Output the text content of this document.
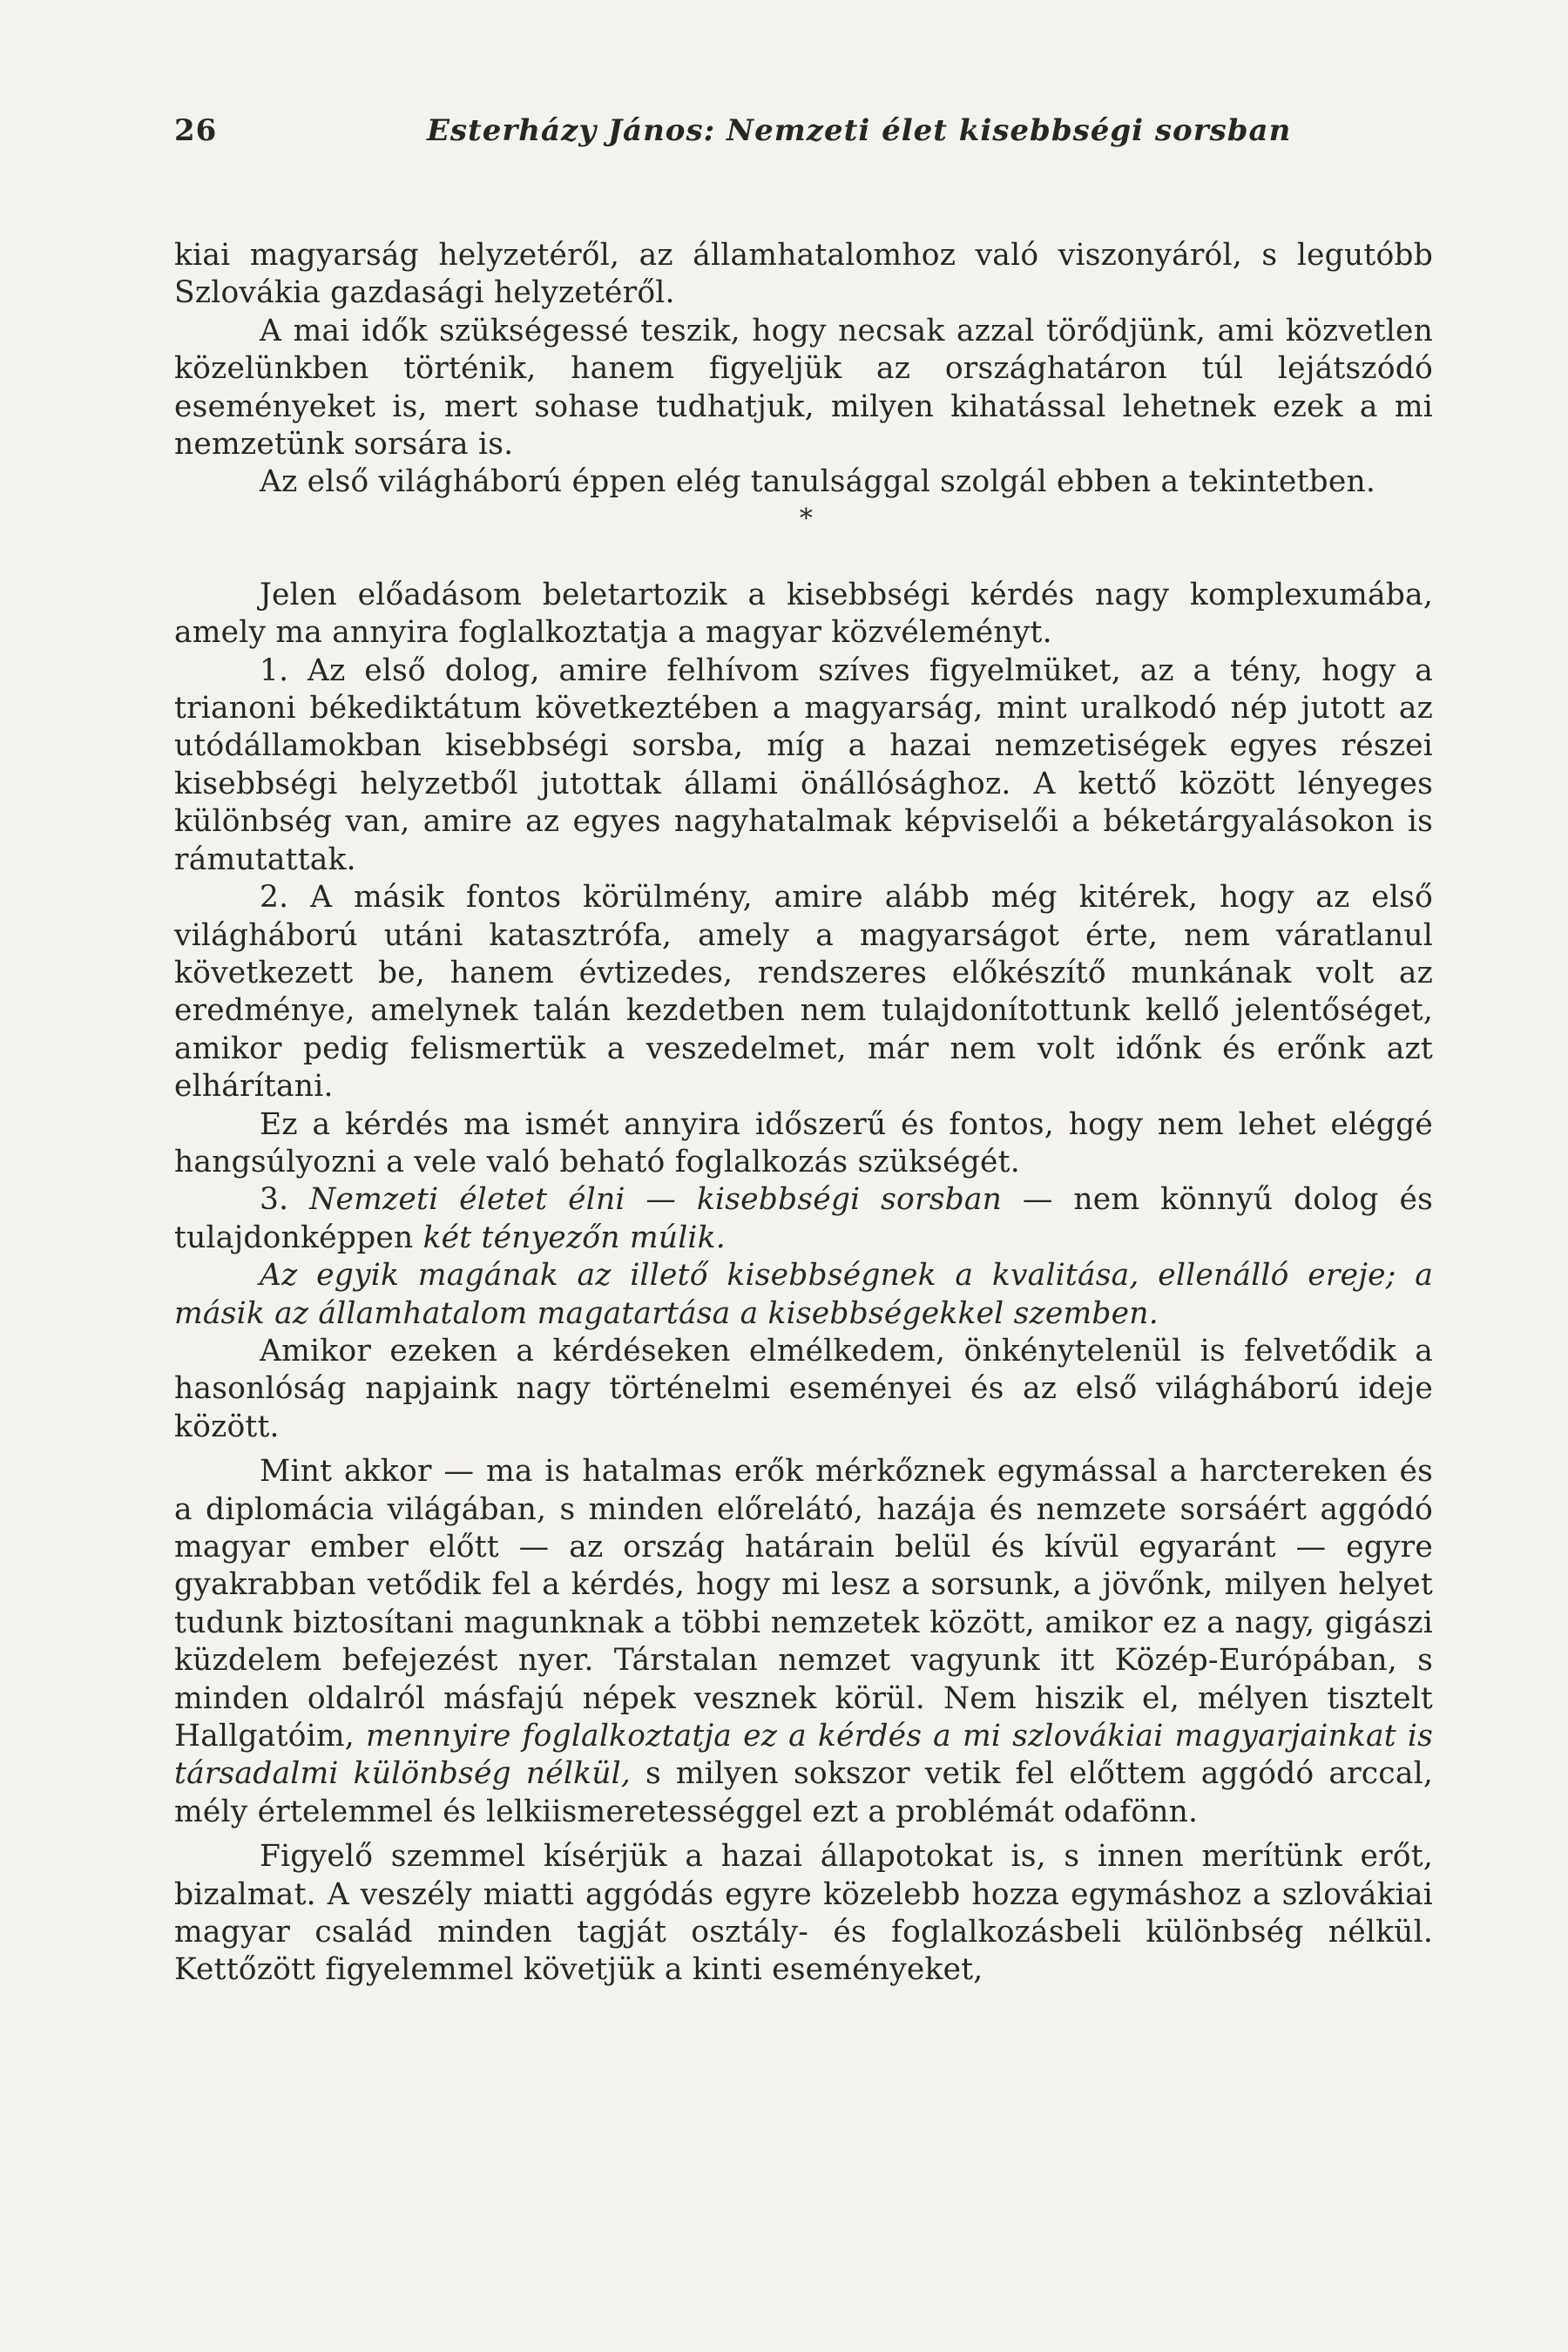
26	Esterházy János: Nemzeti élet kisebbségi sorsban

kiai magyarság helyzetéről, az államhatalomhoz való viszonyáról, s legutóbb Szlovákia gazdasági helyzetéről.

A mai idők szükségessé teszik, hogy necsak azzal törődjünk, ami közvetlen közelünkben történik, hanem figyeljük az országhatáron túl lejátszódó eseményeket is, mert sohase tudhatjuk, milyen kihatással lehetnek ezek a mi nemzetünk sorsára is.

Az első világháború éppen elég tanulsággal szolgál ebben a tekintetben.

*

Jelen előadásom beletartozik a kisebbségi kérdés nagy komplexumába, amely ma annyira foglalkoztatja a magyar közvéleményt.

1. Az első dolog, amire felhívom szíves figyelmüket, az a tény, hogy a trianoni békediktátum következtében a magyarság, mint uralkodó nép jutott az utódállamokban kisebbségi sorsba, míg a hazai nemzetiségek egyes részei kisebbségi helyzetből jutottak állami önállósághoz. A kettő között lényeges különbség van, amire az egyes nagyhatalmak képviselői a béketárgyalásokon is rámutattak.

2. A másik fontos körülmény, amire alább még kitérek, hogy az első világháború utáni katasztrófa, amely a magyarságot érte, nem váratlanul következett be, hanem évtizedes, rendszeres előkészítő munkának volt az eredménye, amelynek talán kezdetben nem tulajdonítottunk kellő jelentőséget, amikor pedig felismertük a veszedelmet, már nem volt időnk és erőnk azt elhárítani.

Ez a kérdés ma ismét annyira időszerű és fontos, hogy nem lehet eléggé hangsúlyozni a vele való beható foglalkozás szükségét.

3. Nemzeti életet élni — kisebbségi sorsban — nem könnyű dolog és tulajdonképpen két tényezőn múlik.

Az egyik magának az illető kisebbségnek a kvalitása, ellenálló ereje; a másik az államhatalom magatartása a kisebbségekkel szemben.

Amikor ezeken a kérdéseken elmélkedem, önkénytelenül is felvetődik a hasonlóság napjaink nagy történelmi eseményei és az első világháború ideje között.

Mint akkor — ma is hatalmas erők mérkőznek egymással a harctereken és a diplomácia világában, s minden előrelátó, hazája és nemzete sorsáért aggódó magyar ember előtt — az ország határain belül és kívül egyaránt — egyre gyakrabban vetődik fel a kérdés, hogy mi lesz a sorsunk, a jövőnk, milyen helyet tudunk biztosítani magunknak a többi nemzetek között, amikor ez a nagy, gigászi küzdelem befejezést nyer. Társtalan nemzet vagyunk itt Közép-Európában, s minden oldalról másfajú népek vesznek körül. Nem hiszik el, mélyen tisztelt Hallgatóim, mennyire foglalkoztatja ez a kérdés a mi szlovákiai magyarjainkat is társadalmi különbség nélkül, s milyen sokszor vetik fel előttem aggódó arccal, mély értelemmel és lelkiismeretességgel ezt a problémát odafönn.

Figyelő szemmel kísérjük a hazai állapotokat is, s innen merítünk erőt, bizalmat. A veszély miatti aggódás egyre közelebb hozza egymáshoz a szlovákiai magyar család minden tagját osztály- és foglalkozásbeli különbség nélkül. Kettőzött figyelemmel követjük a kinti eseményeket,
